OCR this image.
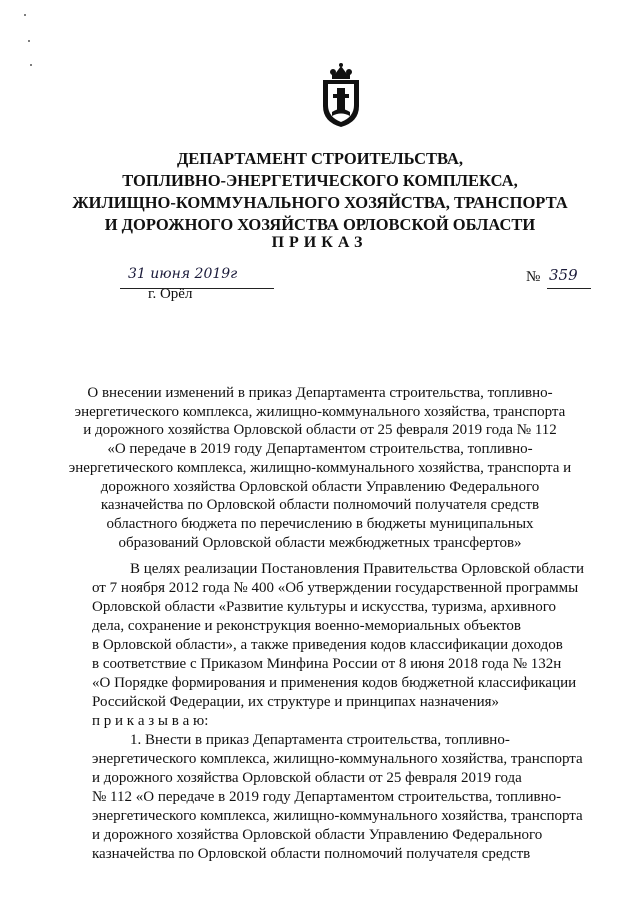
ДЕПАРТАМЕНТ СТРОИТЕЛЬСТВА,
ТОПЛИВНО-ЭНЕРГЕТИЧЕСКОГО КОМПЛЕКСА,
ЖИЛИЩНО-КОММУНАЛЬНОГО ХОЗЯЙСТВА, ТРАНСПОРТА
И ДОРОЖНОГО ХОЗЯЙСТВА ОРЛОВСКОЙ ОБЛАСТИ
ПРИКАЗ
31 июня 2019г
г. Орёл
№ 359
О внесении изменений в приказ Департамента строительства, топливно-
энергетического комплекса, жилищно-коммунального хозяйства, транспорта
и дорожного хозяйства Орловской области от 25 февраля 2019 года № 112
«О передаче в 2019 году Департаментом строительства, топливно-
энергетического комплекса, жилищно-коммунального хозяйства, транспорта и
дорожного хозяйства Орловской области Управлению Федерального
казначейства по Орловской области полномочий получателя средств
областного бюджета по перечислению в бюджеты муниципальных
образований Орловской области межбюджетных трансфертов»
В целях реализации Постановления Правительства Орловской области
от 7 ноября 2012 года № 400 «Об утверждении государственной программы
Орловской области «Развитие культуры и искусства, туризма, архивного
дела, сохранение и реконструкция военно-мемориальных объектов
в Орловской области», а также приведения кодов классификации доходов
в соответствие с Приказом Минфина России от 8 июня 2018 года № 132н
«О Порядке формирования и применения кодов бюджетной классификации
Российской Федерации, их структуре и принципах назначения»
п р и к а з ы в а ю:
1. Внести в приказ Департамента строительства, топливно-
энергетического комплекса, жилищно-коммунального хозяйства, транспорта
и дорожного хозяйства Орловской области от 25 февраля 2019 года
№ 112 «О передаче в 2019 году Департаментом строительства, топливно-
энергетического комплекса, жилищно-коммунального хозяйства, транспорта
и дорожного хозяйства Орловской области Управлению Федерального
казначейства по Орловской области полномочий получателя средств
